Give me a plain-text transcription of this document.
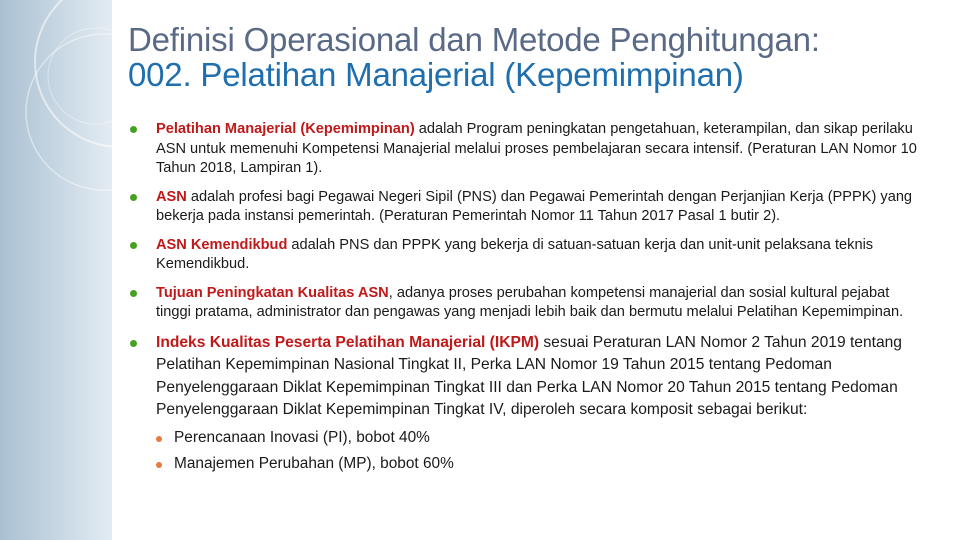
Definisi Operasional dan Metode Penghitungan:
002. Pelatihan Manajerial (Kepemimpinan)
Pelatihan Manajerial (Kepemimpinan) adalah Program peningkatan pengetahuan, keterampilan, dan sikap perilaku ASN untuk memenuhi Kompetensi Manajerial melalui proses pembelajaran secara intensif. (Peraturan LAN Nomor 10 Tahun 2018, Lampiran 1).
ASN adalah profesi bagi Pegawai Negeri Sipil (PNS) dan Pegawai Pemerintah dengan Perjanjian Kerja (PPPK) yang bekerja pada instansi pemerintah. (Peraturan Pemerintah Nomor 11 Tahun 2017 Pasal 1 butir 2).
ASN Kemendikbud adalah PNS dan PPPK yang bekerja di satuan-satuan kerja dan unit-unit pelaksana teknis Kemendikbud.
Tujuan Peningkatan Kualitas ASN, adanya proses perubahan kompetensi manajerial dan sosial kultural pejabat tinggi pratama, administrator dan pengawas yang menjadi lebih baik dan bermutu melalui Pelatihan Kepemimpinan.
Indeks Kualitas Peserta Pelatihan Manajerial (IKPM) sesuai Peraturan LAN Nomor 2 Tahun 2019 tentang Pelatihan Kepemimpinan Nasional Tingkat II, Perka LAN Nomor 19 Tahun 2015 tentang Pedoman Penyelenggaraan Diklat Kepemimpinan Tingkat III dan Perka LAN Nomor 20 Tahun 2015 tentang Pedoman Penyelenggaraan Diklat Kepemimpinan Tingkat IV, diperoleh secara komposit sebagai berikut:
Perencanaan Inovasi (PI), bobot 40%
Manajemen Perubahan (MP), bobot 60%
